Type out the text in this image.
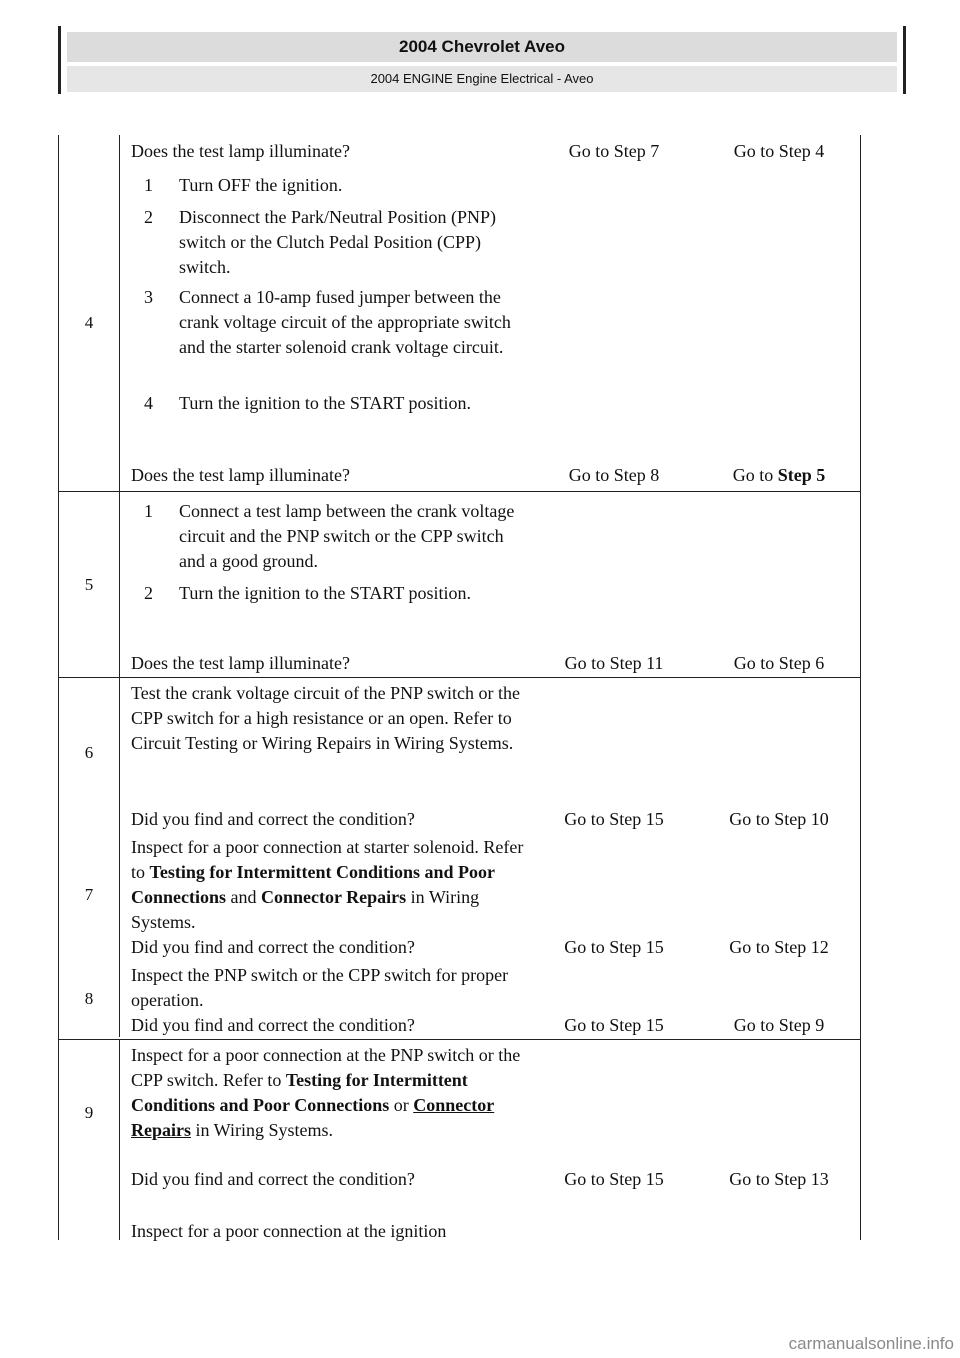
2004 Chevrolet Aveo
2004 ENGINE Engine Electrical - Aveo
Does the test lamp illuminate?	Go to Step 7	Go to Step 4
4
1	Turn OFF the ignition.
2	Disconnect the Park/Neutral Position (PNP) switch or the Clutch Pedal Position (CPP) switch.
3	Connect a 10-amp fused jumper between the crank voltage circuit of the appropriate switch and the starter solenoid crank voltage circuit.
4	Turn the ignition to the START position.
Does the test lamp illuminate?	Go to Step 8	Go to Step 5
5
1	Connect a test lamp between the crank voltage circuit and the PNP switch or the CPP switch and a good ground.
2	Turn the ignition to the START position.
Does the test lamp illuminate?	Go to Step 11	Go to Step 6
6
Test the crank voltage circuit of the PNP switch or the CPP switch for a high resistance or an open. Refer to Circuit Testing or Wiring Repairs in Wiring Systems.
Did you find and correct the condition?	Go to Step 15	Go to Step 10
7
Inspect for a poor connection at starter solenoid. Refer to Testing for Intermittent Conditions and Poor Connections and Connector Repairs in Wiring Systems.
Did you find and correct the condition?	Go to Step 15	Go to Step 12
8
Inspect the PNP switch or the CPP switch for proper operation.
Did you find and correct the condition?	Go to Step 15	Go to Step 9
9
Inspect for a poor connection at the PNP switch or the CPP switch. Refer to Testing for Intermittent Conditions and Poor Connections or Connector Repairs in Wiring Systems.
Did you find and correct the condition?	Go to Step 15	Go to Step 13
Inspect for a poor connection at the ignition
carmanualsonline.info
